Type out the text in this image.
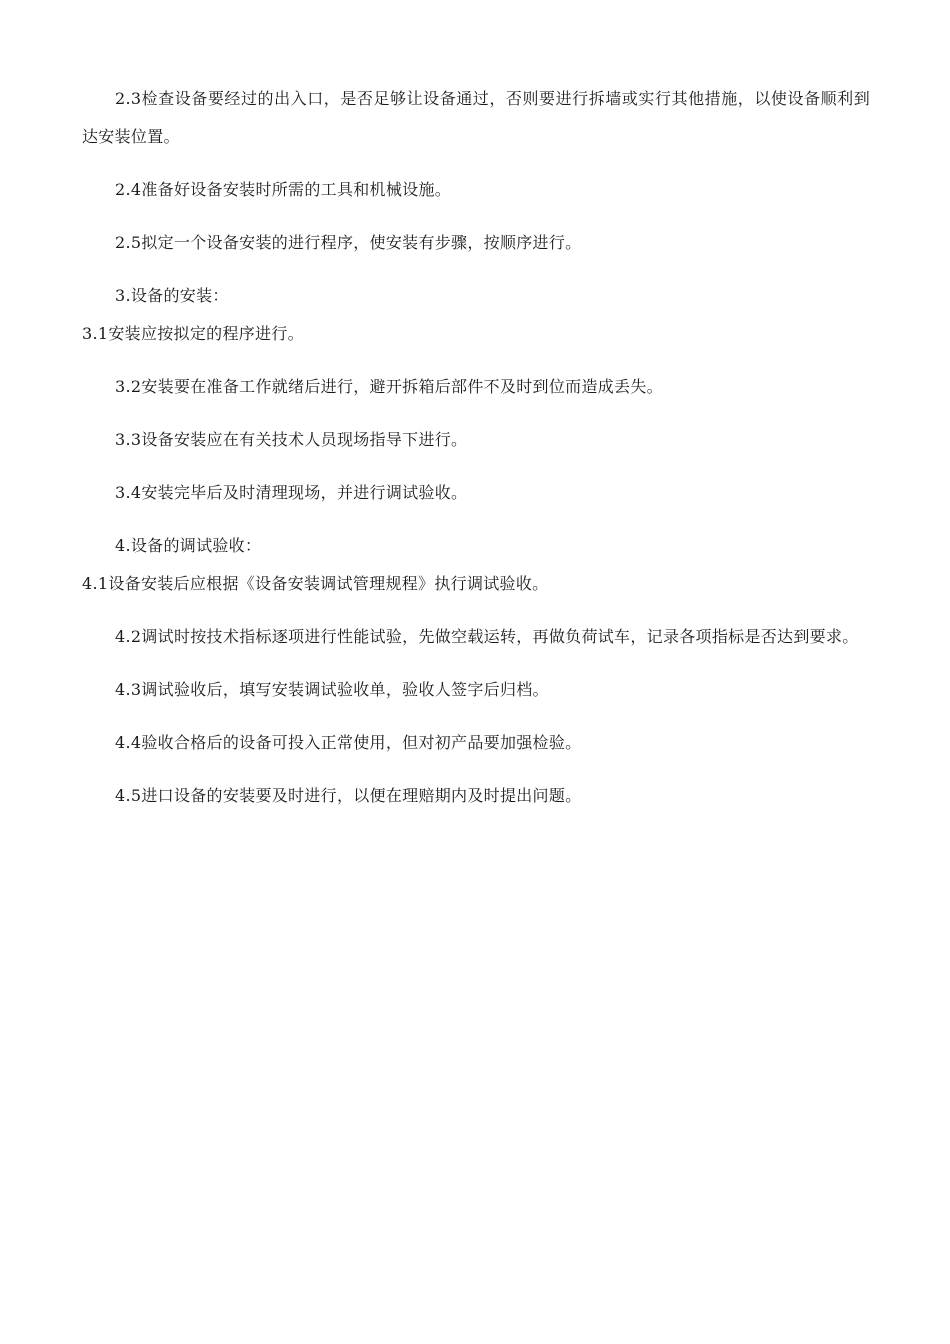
2.3检查设备要经过的出入口，是否足够让设备通过，否则要进行拆墙或实行其他措施，以使设备顺利到达安装位置。

2.4准备好设备安装时所需的工具和机械设施。

2.5拟定一个设备安装的进行程序，使安装有步骤，按顺序进行。

3.设备的安装：

3.1安装应按拟定的程序进行。

3.2安装要在准备工作就绪后进行，避开拆箱后部件不及时到位而造成丢失。

3.3设备安装应在有关技术人员现场指导下进行。

3.4安装完毕后及时清理现场，并进行调试验收。

4.设备的调试验收：

4.1设备安装后应根据《设备安装调试管理规程》执行调试验收。

4.2调试时按技术指标逐项进行性能试验，先做空载运转，再做负荷试车，记录各项指标是否达到要求。

4.3调试验收后，填写安装调试验收单，验收人签字后归档。

4.4验收合格后的设备可投入正常使用，但对初产品要加强检验。

4.5进口设备的安装要及时进行，以便在理赔期内及时提出问题。
